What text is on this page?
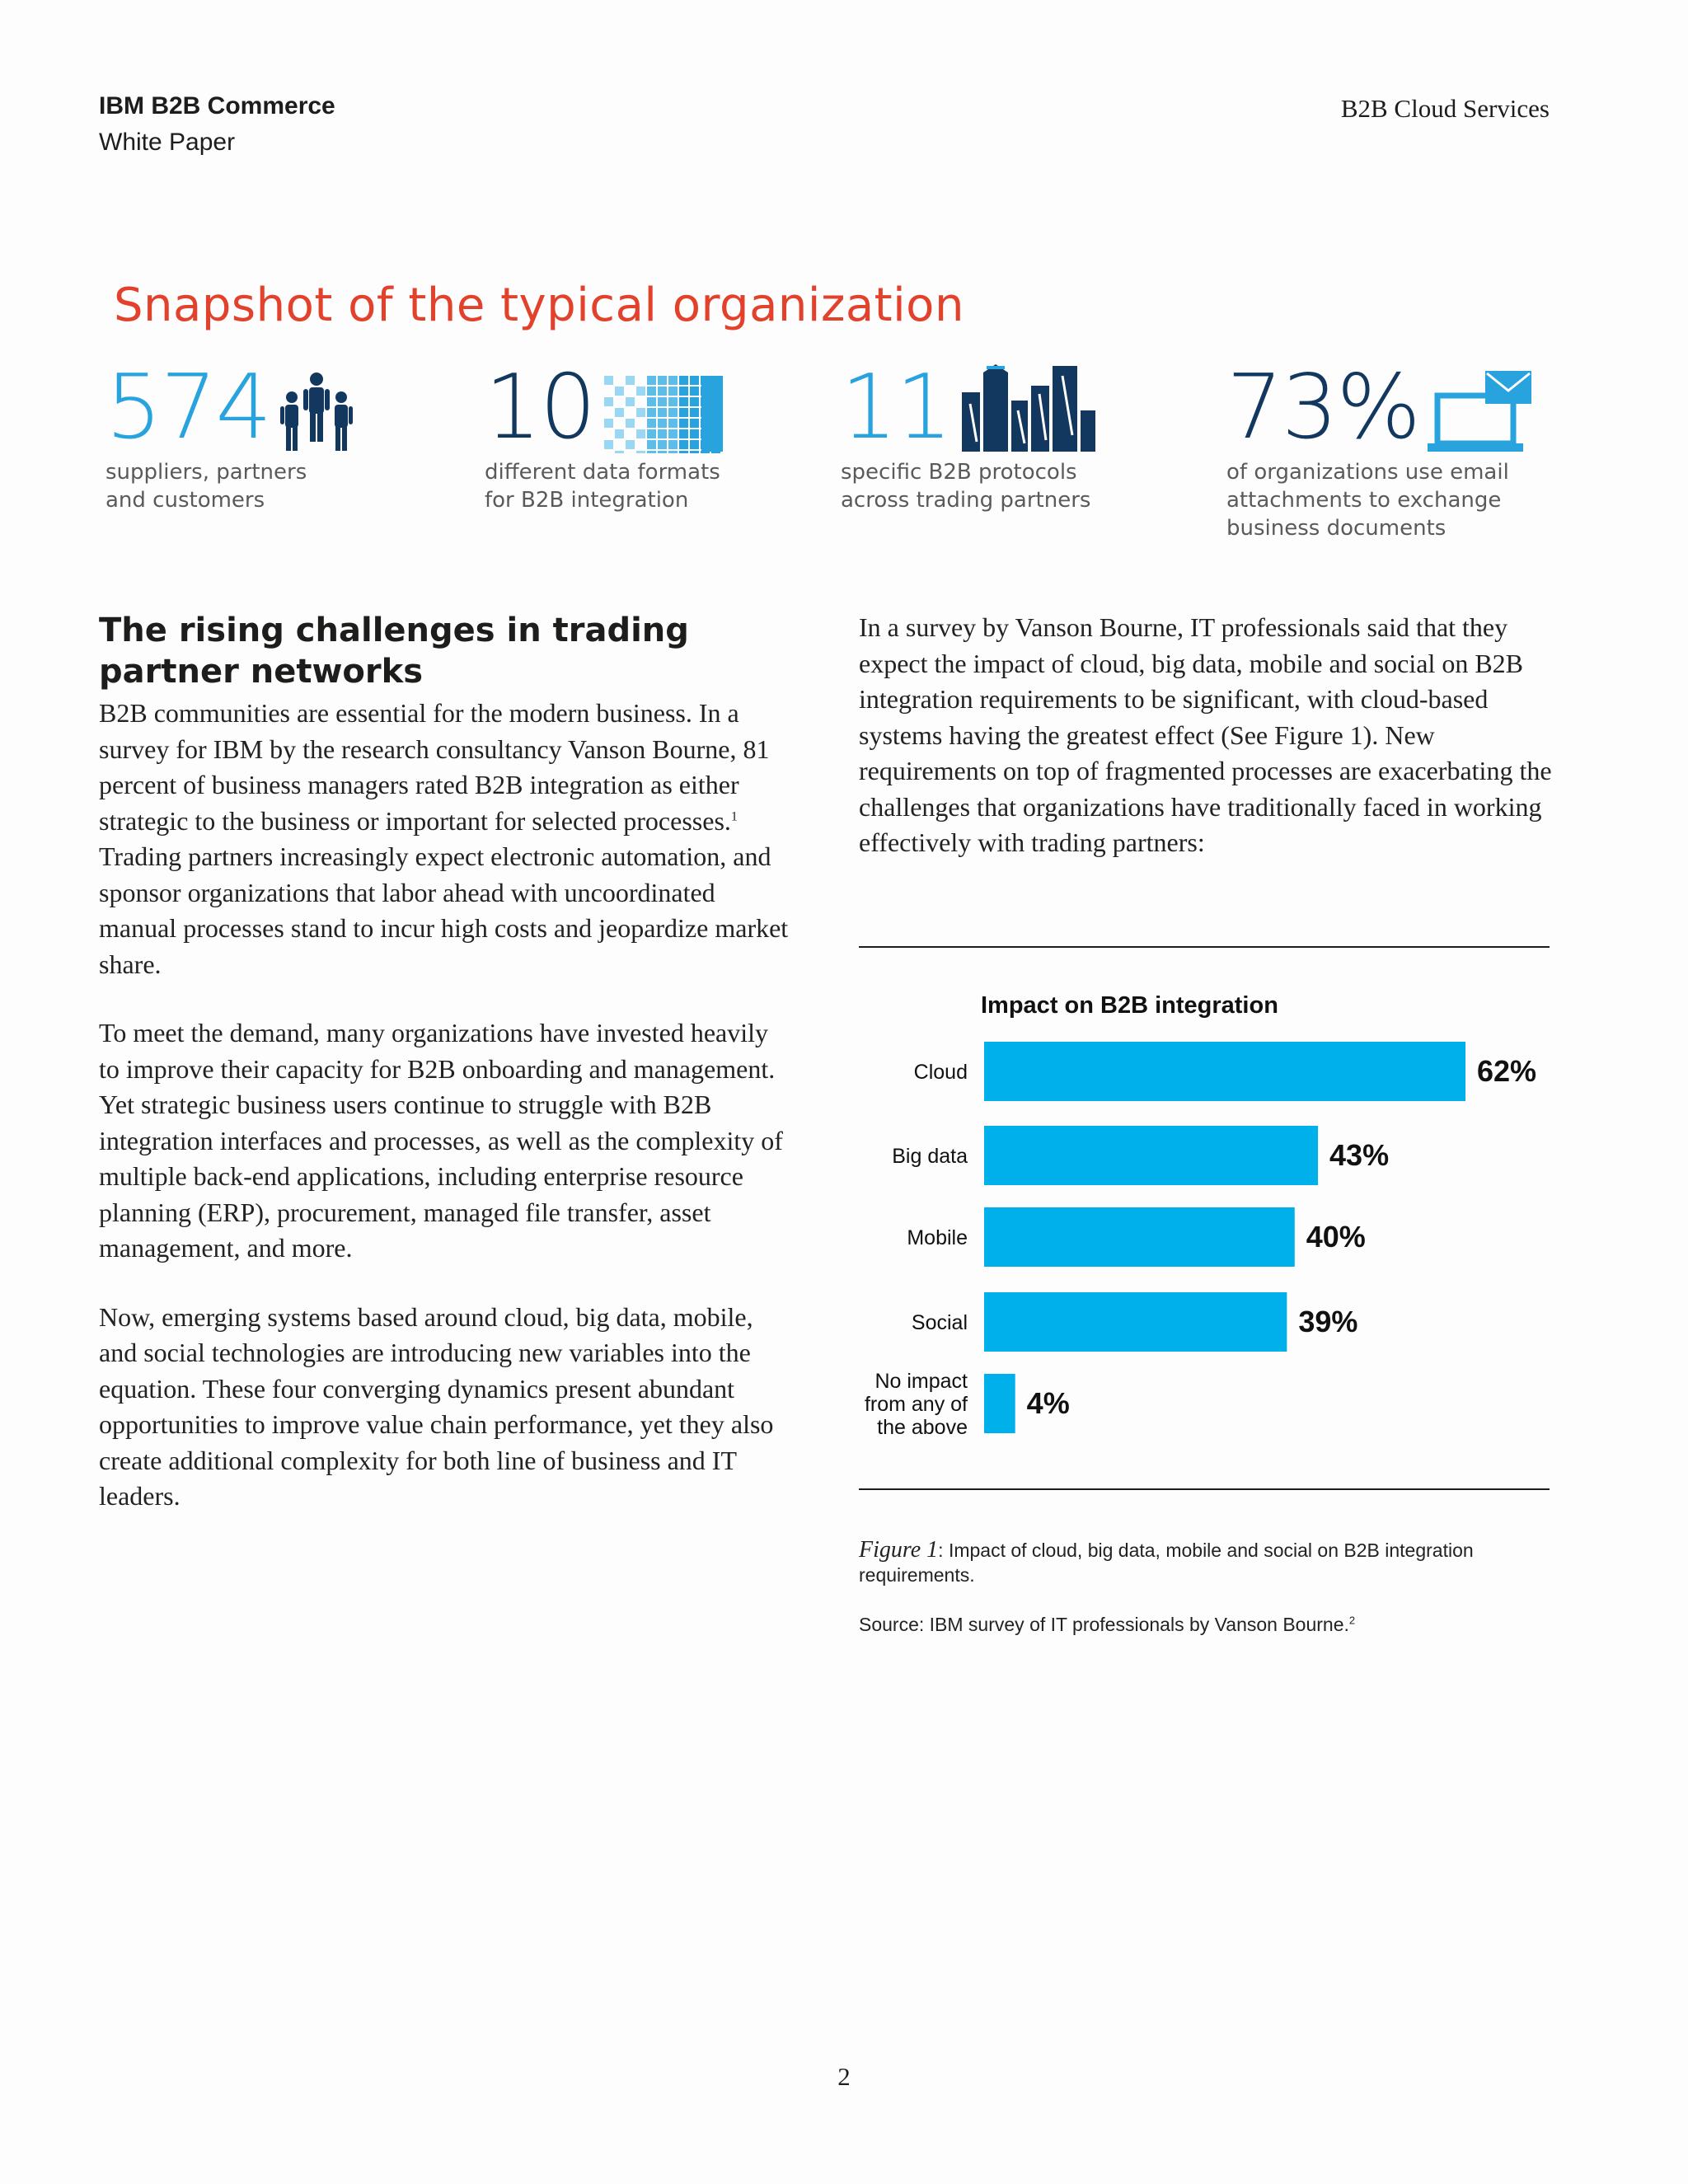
IBM B2B Commerce
White Paper
B2B Cloud Services
Snapshot of the typical organization
574
suppliers, partners
and customers
10
different data formats
for B2B integration
11
specific B2B protocols
across trading partners
73%
of organizations use email
attachments to exchange
business documents
The rising challenges in trading partner networks

B2B communities are essential for the modern business. In a survey for IBM by the research consultancy Vanson Bourne, 81 percent of business managers rated B2B integration as either strategic to the business or important for selected processes.$^1$ Trading partners increasingly expect electronic automation, and sponsor organizations that labor ahead with uncoordinated manual processes stand to incur high costs and jeopardize market share.

To meet the demand, many organizations have invested heavily to improve their capacity for B2B onboarding and management. Yet strategic business users continue to struggle with B2B integration interfaces and processes, as well as the complexity of multiple back-end applications, including enterprise resource planning (ERP), procurement, managed file transfer, asset management, and more.

Now, emerging systems based around cloud, big data, mobile, and social technologies are introducing new variables into the equation. These four converging dynamics present abundant opportunities to improve value chain performance, yet they also create additional complexity for both line of business and IT leaders.

In a survey by Vanson Bourne, IT professionals said that they expect the impact of cloud, big data, mobile and social on B2B integration requirements to be significant, with cloud-based systems having the greatest effect (See Figure 1). New requirements on top of fragmented processes are exacerbating the challenges that organizations have traditionally faced in working effectively with trading partners:

Impact on B2B integration
Cloud	62%
Big data	43%
Mobile	40%
Social	39%
No impact from any of the above
4%
Figure 1: Impact of cloud, big data, mobile and social on B2B integration requirements.
Source: IBM survey of IT professionals by Vanson Bourne.$^2$
2
